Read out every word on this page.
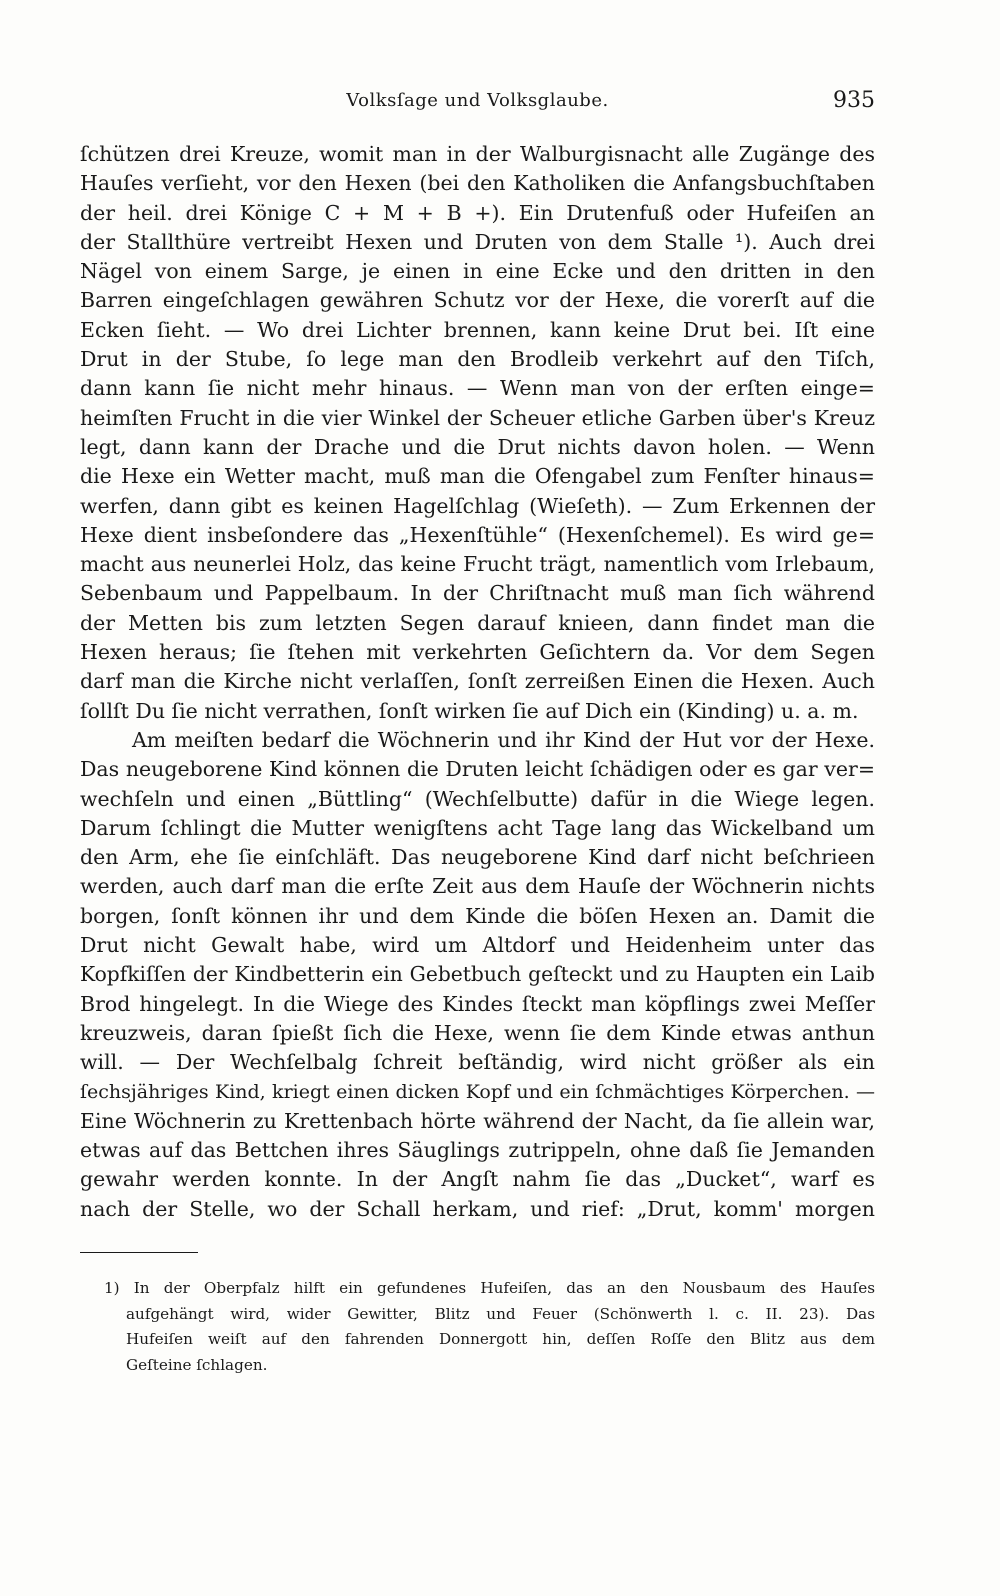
Volksſage und Volksglaube.	935
ſchützen drei Kreuze, womit man in der Walburgisnacht alle Zugänge des
Hauſes verſieht, vor den Hexen (bei den Katholiken die Anfangsbuchſtaben
der heil. drei Könige C + M + B +). Ein Drutenfuß oder Hufeiſen an
der Stallthüre vertreibt Hexen und Druten von dem Stalle ¹). Auch drei
Nägel von einem Sarge, je einen in eine Ecke und den dritten in den
Barren eingeſchlagen gewähren Schutz vor der Hexe, die vorerſt auf die
Ecken ſieht. — Wo drei Lichter brennen, kann keine Drut bei. Iſt eine
Drut in der Stube, ſo lege man den Brodleib verkehrt auf den Tiſch,
dann kann ſie nicht mehr hinaus. — Wenn man von der erſten einge=
heimſten Frucht in die vier Winkel der Scheuer etliche Garben über's Kreuz
legt, dann kann der Drache und die Drut nichts davon holen. — Wenn
die Hexe ein Wetter macht, muß man die Ofengabel zum Fenſter hinaus=
werfen, dann gibt es keinen Hagelſchlag (Wieſeth). — Zum Erkennen der
Hexe dient insbeſondere das „Hexenſtühle“ (Hexenſchemel). Es wird ge=
macht aus neunerlei Holz, das keine Frucht trägt, namentlich vom Irlebaum,
Sebenbaum und Pappelbaum. In der Chriſtnacht muß man ſich während
der Metten bis zum letzten Segen darauf knieen, dann findet man die
Hexen heraus; ſie ſtehen mit verkehrten Geſichtern da. Vor dem Segen
darf man die Kirche nicht verlaſſen, ſonſt zerreißen Einen die Hexen. Auch
ſollſt Du ſie nicht verrathen, ſonſt wirken ſie auf Dich ein (Kinding) u. a. m.
Am meiſten bedarf die Wöchnerin und ihr Kind der Hut vor der Hexe.
Das neugeborene Kind können die Druten leicht ſchädigen oder es gar ver=
wechſeln und einen „Büttling“ (Wechſelbutte) dafür in die Wiege legen.
Darum ſchlingt die Mutter wenigſtens acht Tage lang das Wickelband um
den Arm, ehe ſie einſchläft. Das neugeborene Kind darf nicht beſchrieen
werden, auch darf man die erſte Zeit aus dem Hauſe der Wöchnerin nichts
borgen, ſonſt können ihr und dem Kinde die böſen Hexen an. Damit die
Drut nicht Gewalt habe, wird um Altdorf und Heidenheim unter das
Kopfkiſſen der Kindbetterin ein Gebetbuch geſteckt und zu Haupten ein Laib
Brod hingelegt. In die Wiege des Kindes ſteckt man köpflings zwei Meſſer
kreuzweis, daran ſpießt ſich die Hexe, wenn ſie dem Kinde etwas anthun
will. — Der Wechſelbalg ſchreit beſtändig, wird nicht größer als ein
ſechsjähriges Kind, kriegt einen dicken Kopf und ein ſchmächtiges Körperchen. —
Eine Wöchnerin zu Krettenbach hörte während der Nacht, da ſie allein war,
etwas auf das Bettchen ihres Säuglings zutrippeln, ohne daß ſie Jemanden
gewahr werden konnte. In der Angſt nahm ſie das „Ducket“, warf es
nach der Stelle, wo der Schall herkam, und rief: „Drut, komm' morgen
1) In der Oberpfalz hilft ein gefundenes Hufeiſen, das an den Nousbaum des Hauſes
aufgehängt wird, wider Gewitter, Blitz und Feuer (Schönwerth l. c. II. 23). Das
Hufeiſen weiſt auf den fahrenden Donnergott hin, deſſen Roſſe den Blitz aus dem
Geſteine ſchlagen.
